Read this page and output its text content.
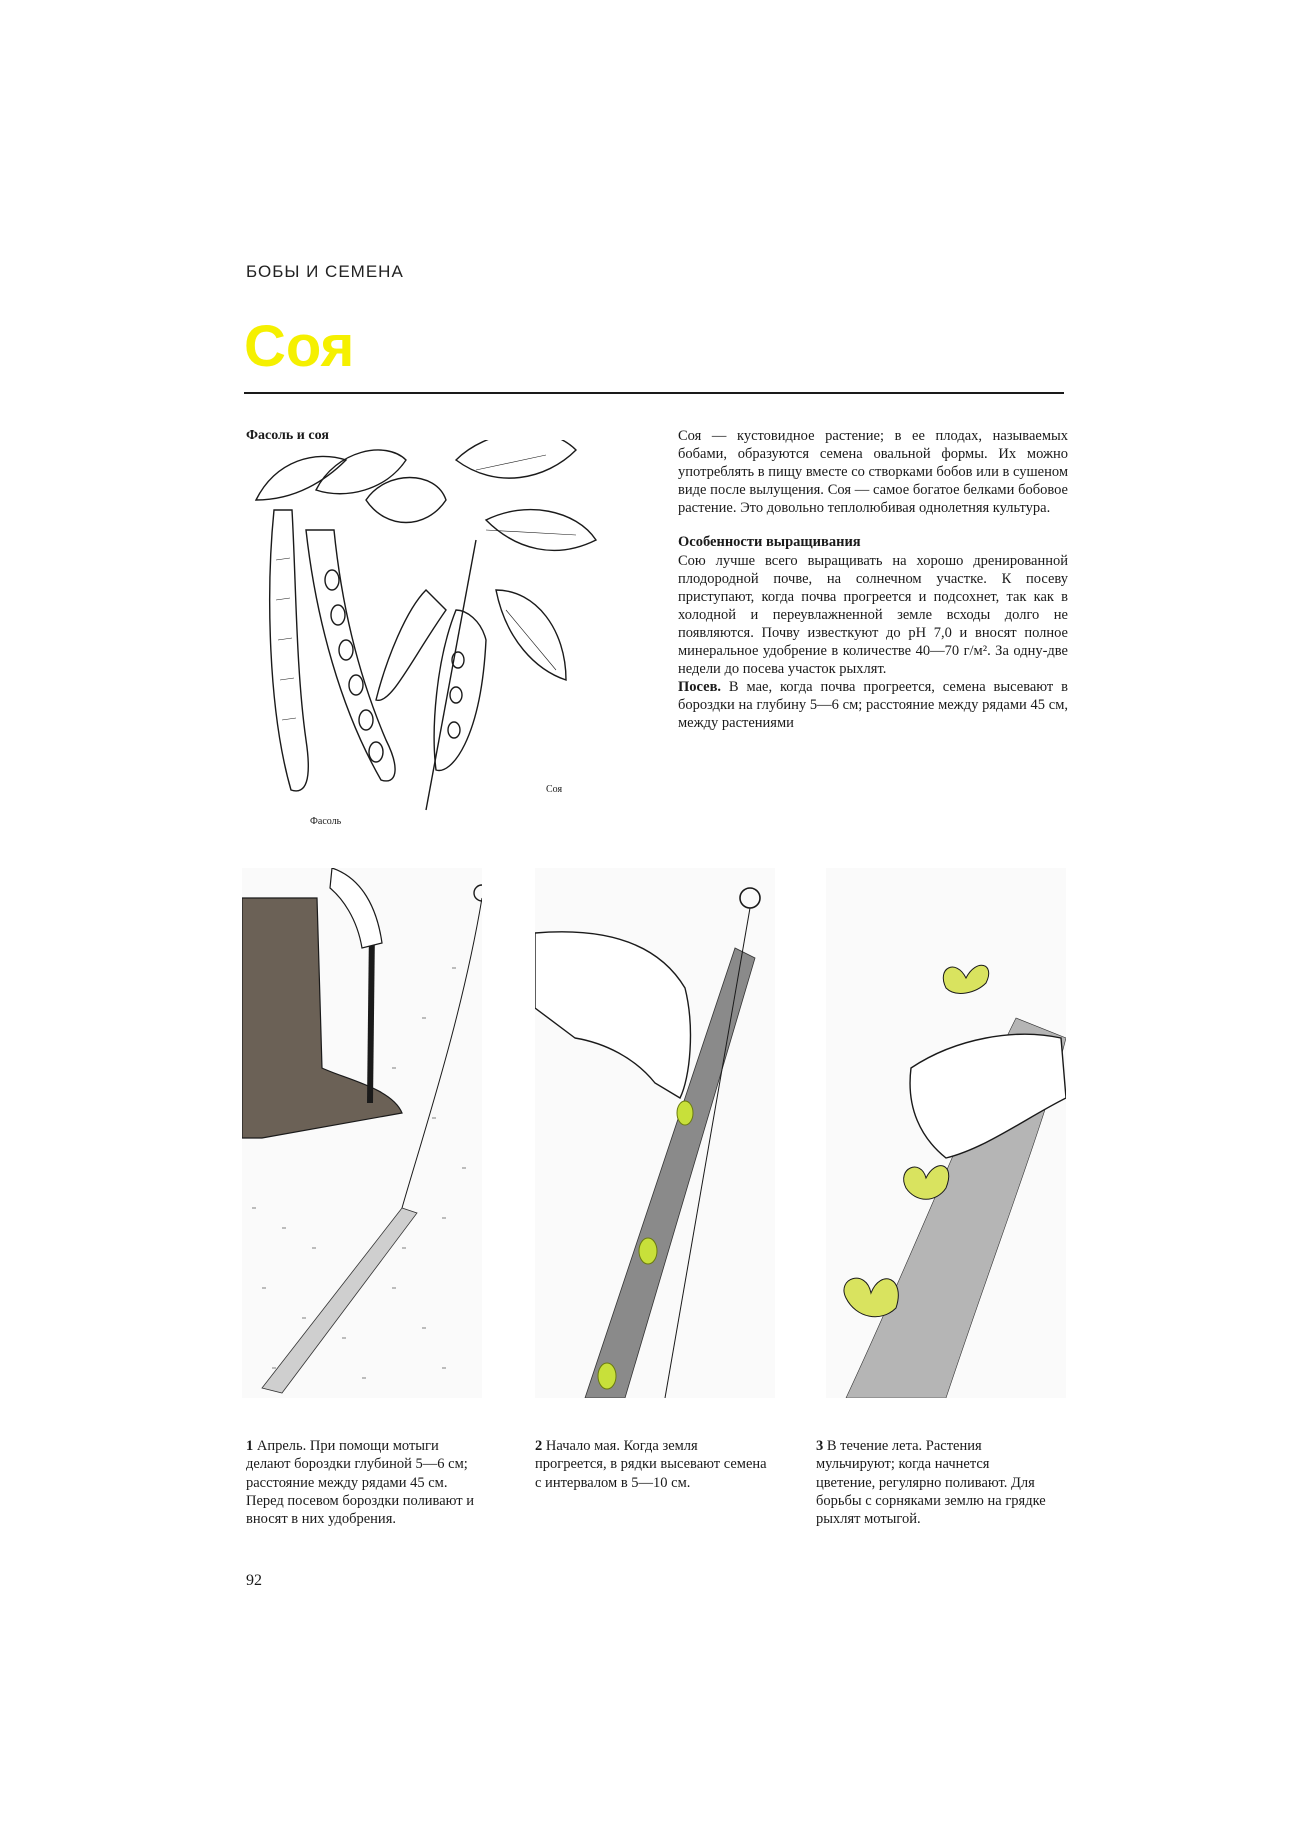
БОБЫ И СЕМЕНА
Соя
Фасоль и соя
Фасоль
Соя

Соя — кустовидное растение; в ее плодах, называемых бобами, образуются семена овальной формы. Их можно употреблять в пищу вместе со створками бобов или в сушеном виде после вылущения. Соя — самое богатое белками бобовое растение. Это довольно теплолюбивая однолетняя культура.

Особенности выращивания

Сою лучше всего выращивать на хорошо дренированной плодородной почве, на солнечном участке. К посеву приступают, когда почва прогреется и подсохнет, так как в холодной и переувлажненной земле всходы долго не появляются. Почву известкуют до pH 7,0 и вносят полное минеральное удобрение в количестве 40—70 г/м². За одну-две недели до посева участок рыхлят.

Посев. В мае, когда почва прогреется, семена высевают в бороздки на глубину 5—6 см; расстояние между рядами 45 см, между растениями

1 Апрель. При помощи мотыги делают бороздки глубиной 5—6 см; расстояние между рядами 45 см. Перед посевом бороздки поливают и вносят в них удобрения.
2 Начало мая. Когда земля прогреется, в рядки высевают семена с интервалом в 5—10 см.
3 В течение лета. Растения мульчируют; когда начнется цветение, регулярно поливают. Для борьбы с сорняками землю на грядке рыхлят мотыгой.
92
